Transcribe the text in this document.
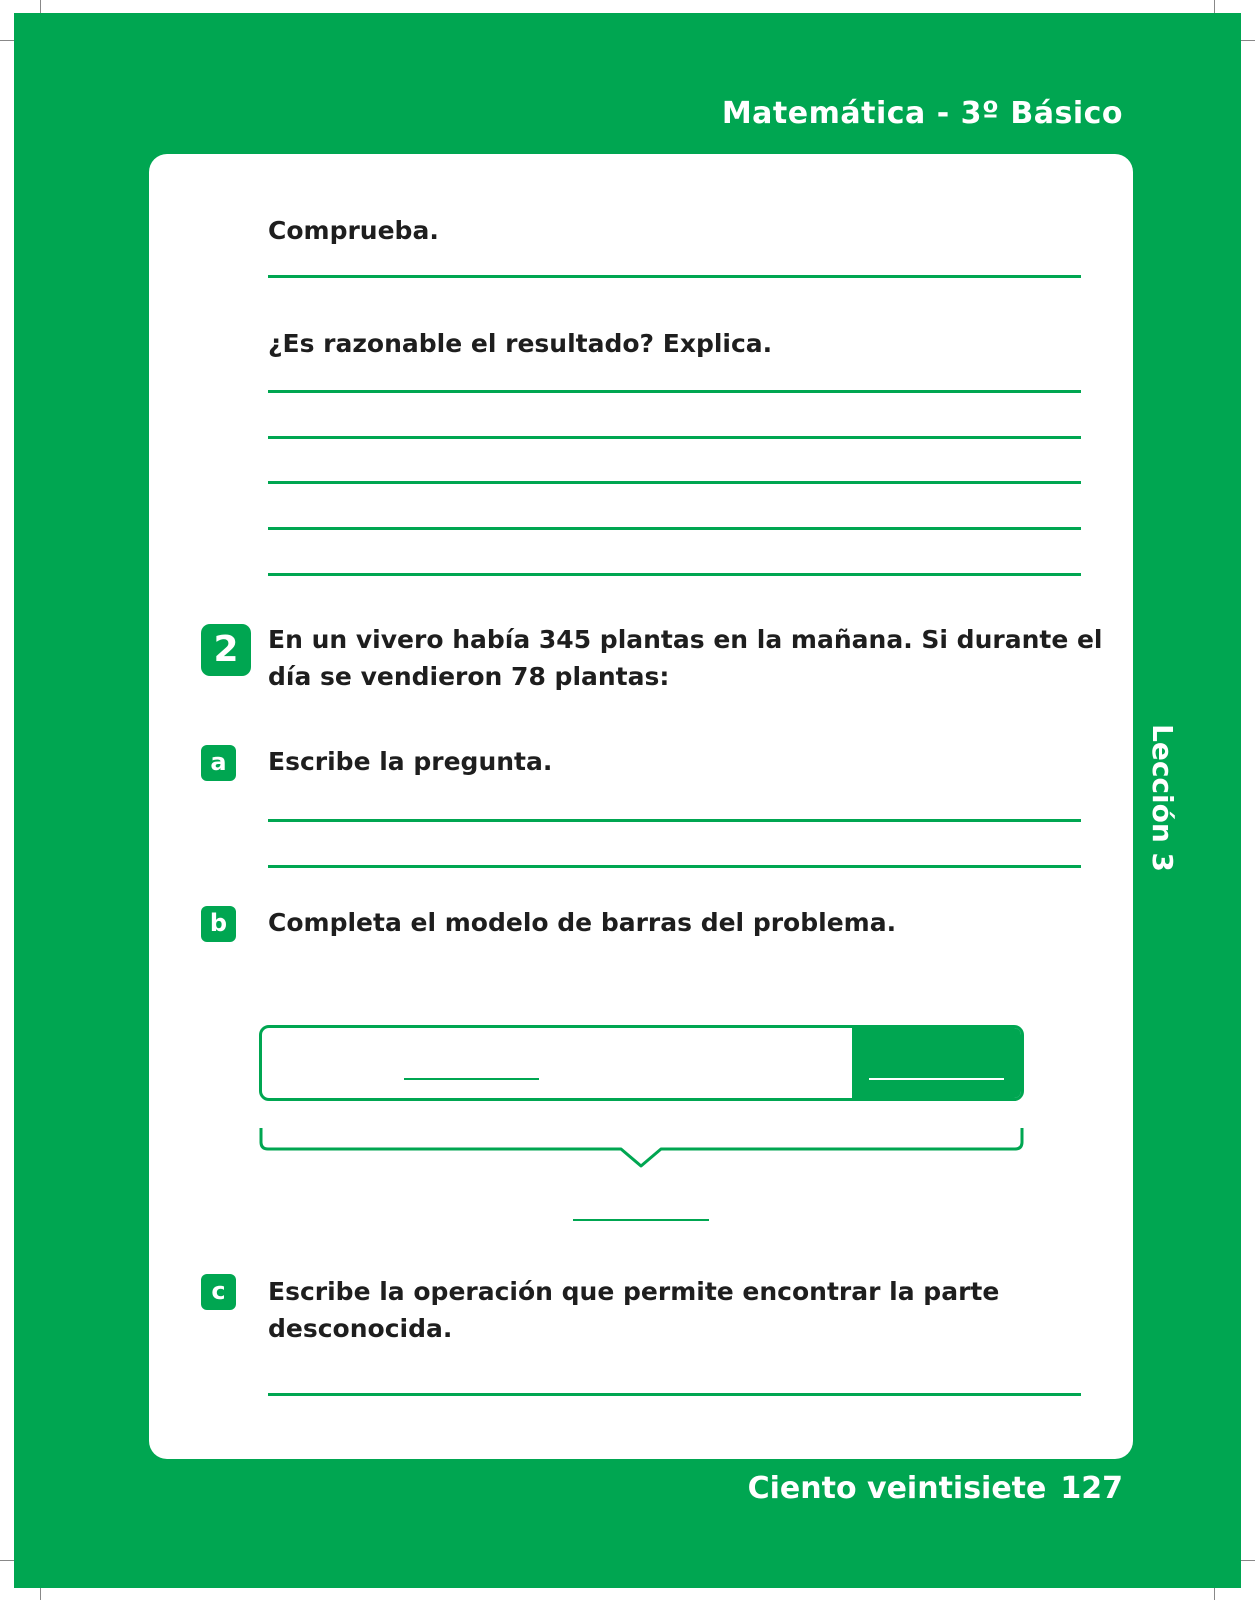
Matemática - 3º Básico
Lección 3
Comprueba.
¿Es razonable el resultado? Explica.
2	En un vivero había 345 plantas en la mañana. Si durante el
día se vendieron 78 plantas:
a	Escribe la pregunta.
b	Completa el modelo de barras del problema.
c	Escribe la operación que permite encontrar la parte
desconocida.
Ciento veintisiete 127
